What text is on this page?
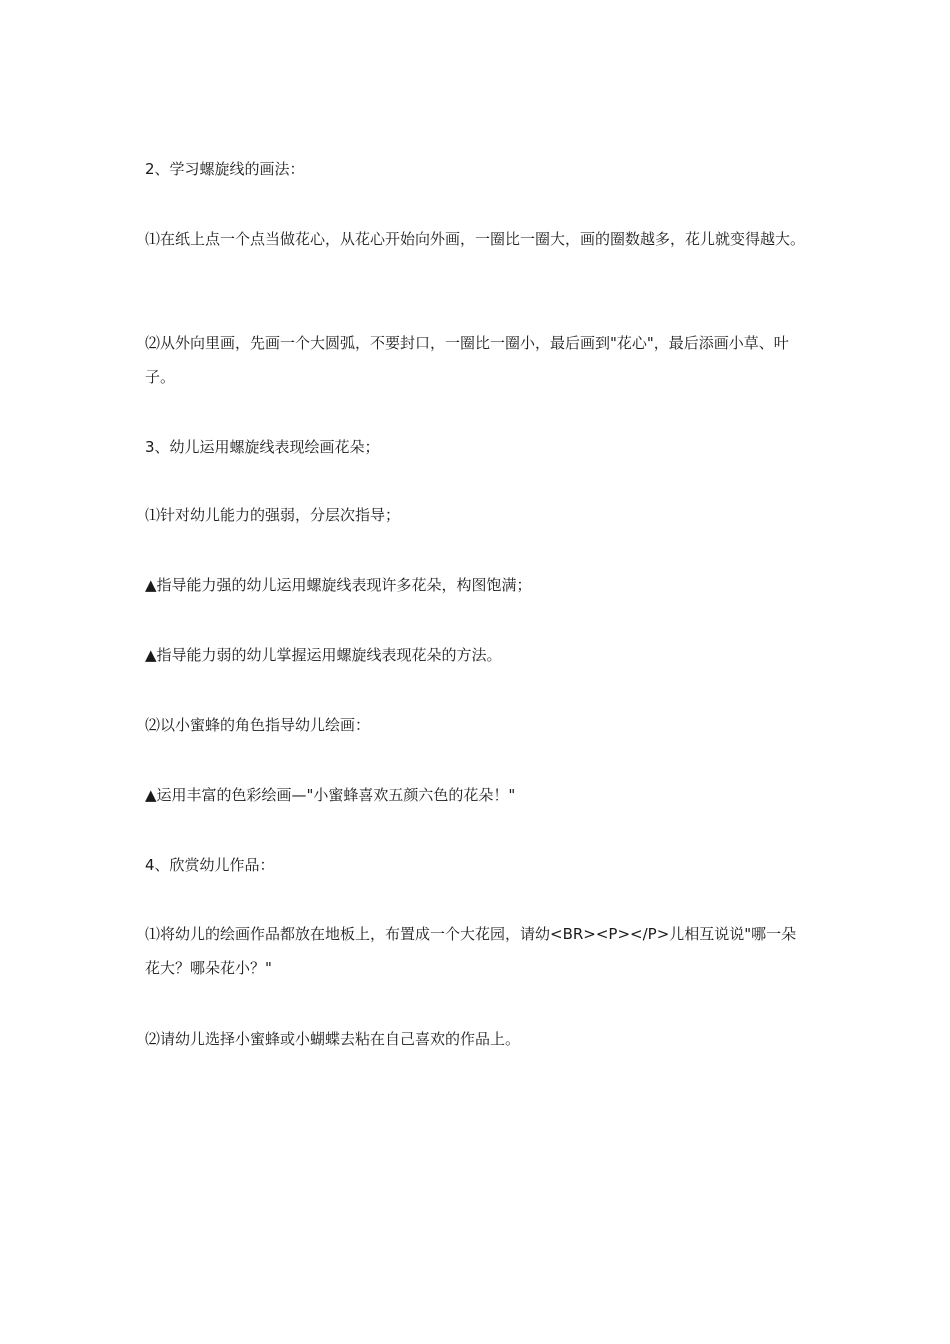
2、学习螺旋线的画法：

⑴在纸上点一个点当做花心，从花心开始向外画，一圈比一圈大，画的圈数越多，花儿就变得越大。

⑵从外向里画，先画一个大圆弧，不要封口，一圈比一圈小，最后画到"花心"，最后添画小草、叶子。

3、幼儿运用螺旋线表现绘画花朵；

⑴针对幼儿能力的强弱，分层次指导；

▲指导能力强的幼儿运用螺旋线表现许多花朵，构图饱满；

▲指导能力弱的幼儿掌握运用螺旋线表现花朵的方法。

⑵以小蜜蜂的角色指导幼儿绘画：

▲运用丰富的色彩绘画—"小蜜蜂喜欢五颜六色的花朵！"

4、欣赏幼儿作品：

⑴将幼儿的绘画作品都放在地板上，布置成一个大花园，请幼<BR><P></P>儿相互说说"哪一朵花大？哪朵花小？"

⑵请幼儿选择小蜜蜂或小蝴蝶去粘在自己喜欢的作品上。
